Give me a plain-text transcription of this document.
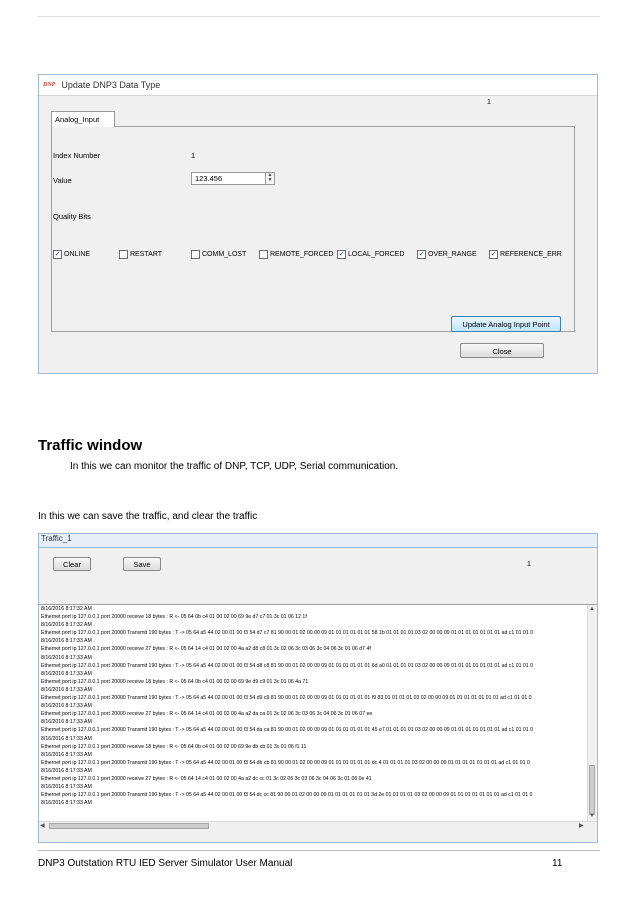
DNP Update DNP3 Data Type
1
Analog_Input
Index Number	1
Value	123.456	▲
▼
Quality Bits
✓ ONLINE	RESTART	COMM_LOST	REMOTE_FORCED ✓ LOCAL_FORCED ✓ OVER_RANGE ✓ REFERENCE_ERR
Update Analog Input Point
Close
Traffic window
In this we can monitor the traffic of DNP, TCP, UDP, Serial communication.
In this we can save the traffic, and clear the traffic
Traffic_1
Clear	Save	1
8/16/2016 8:17:32 AM
Ethernet port ip 127.0.0.1 port 20000 receive 18 bytes : R <- 05 64 0b c4 01 00 02 00 69 9e d7 c7 01 3c 01 06 12 1f
8/16/2016 8:17:32 AM
Ethernet port ip 127.0.0.1 port 20000 Transmit 190 bytes : T -> 05 64 a5 44 02 00 01 00 f3 54 d7 c7 81 90 00 01 02 00 00 09 01 01 01 01 01 01 58 1b 01 01 01 01 03 02 00 00 09 01 01 01 01 01 01 01 ad c1 01 01 0
8/16/2016 8:17:33 AM
Ethernet port ip 127.0.0.1 port 20000 receive 27 bytes : R <- 05 64 14 c4 01 00 02 00 4a a2 d8 c8 01 3c 02 06 3c 03 06 3c 04 06 3c 01 06 d7 4f
8/16/2016 8:17:33 AM
Ethernet port ip 127.0.0.1 port 20000 Transmit 190 bytes : T -> 05 64 a5 44 02 00 01 00 f3 54 d8 c8 81 90 00 01 02 00 00 09 01 01 01 01 01 01 6d a0 01 01 01 01 03 02 00 00 09 01 01 01 01 01 01 01 ad c1 01 01 0
8/16/2016 8:17:33 AM
Ethernet port ip 127.0.0.1 port 20000 receive 18 bytes : R <- 05 64 0b c4 01 00 02 00 69 9e d9 c9 01 3c 01 06 4a 71
8/16/2016 8:17:33 AM
Ethernet port ip 127.0.0.1 port 20000 Transmit 190 bytes : T -> 05 64 a5 44 02 00 01 00 f3 54 d9 c9 81 90 00 01 02 00 00 09 01 01 01 01 01 01 f9 83 01 01 01 01 03 02 00 00 09 01 01 01 01 01 01 01 ad c1 01 01 0
8/16/2016 8:17:33 AM
Ethernet port ip 127.0.0.1 port 20000 receive 27 bytes : R <- 05 64 14 c4 01 00 02 00 4a a2 da ca 01 3c 02 06 3c 03 06 3c 04 06 3c 01 06 07 ee
8/16/2016 8:17:33 AM
Ethernet port ip 127.0.0.1 port 20000 Transmit 190 bytes : T -> 05 64 a5 44 02 00 01 00 f3 54 da ca 81 90 00 01 02 00 00 09 01 01 01 01 01 01 45 e7 01 01 01 01 03 02 00 00 09 01 01 01 01 01 01 01 ad c1 01 01 0
8/16/2016 8:17:33 AM
Ethernet port ip 127.0.0.1 port 20000 receive 18 bytes : R <- 05 64 0b c4 01 00 02 00 69 9e db cb 01 3c 01 06 f1 11
8/16/2016 8:17:33 AM
Ethernet port ip 127.0.0.1 port 20000 Transmit 190 bytes : T -> 05 64 a5 44 02 00 01 00 f3 54 db cb 81 90 00 01 02 00 00 09 01 01 01 01 01 01 dc 4 01 01 01 01 03 02 00 00 09 01 01 01 01 01 01 01 ad c1 01 01 0
8/16/2016 8:17:33 AM
Ethernet port ip 127.0.0.1 port 20000 receive 27 bytes : R <- 05 64 14 c4 01 00 02 00 4a a2 dc cc 01 3c 02 06 3c 03 06 3c 04 06 3c 01 06 0e 41
8/16/2016 8:17:33 AM
Ethernet port ip 127.0.0.1 port 20000 Transmit 190 bytes : T -> 05 64 a5 44 02 00 01 00 f3 54 dc cc 81 90 00 01 02 00 00 09 01 01 01 01 01 01 3d 2e 01 01 01 01 03 02 00 00 09 01 01 01 01 01 01 01 ad c1 01 01 0
8/16/2016 8:17:33 AM
▲
▼
◀	▶
DNP3 Outstation RTU IED Server Simulator User Manual	11
